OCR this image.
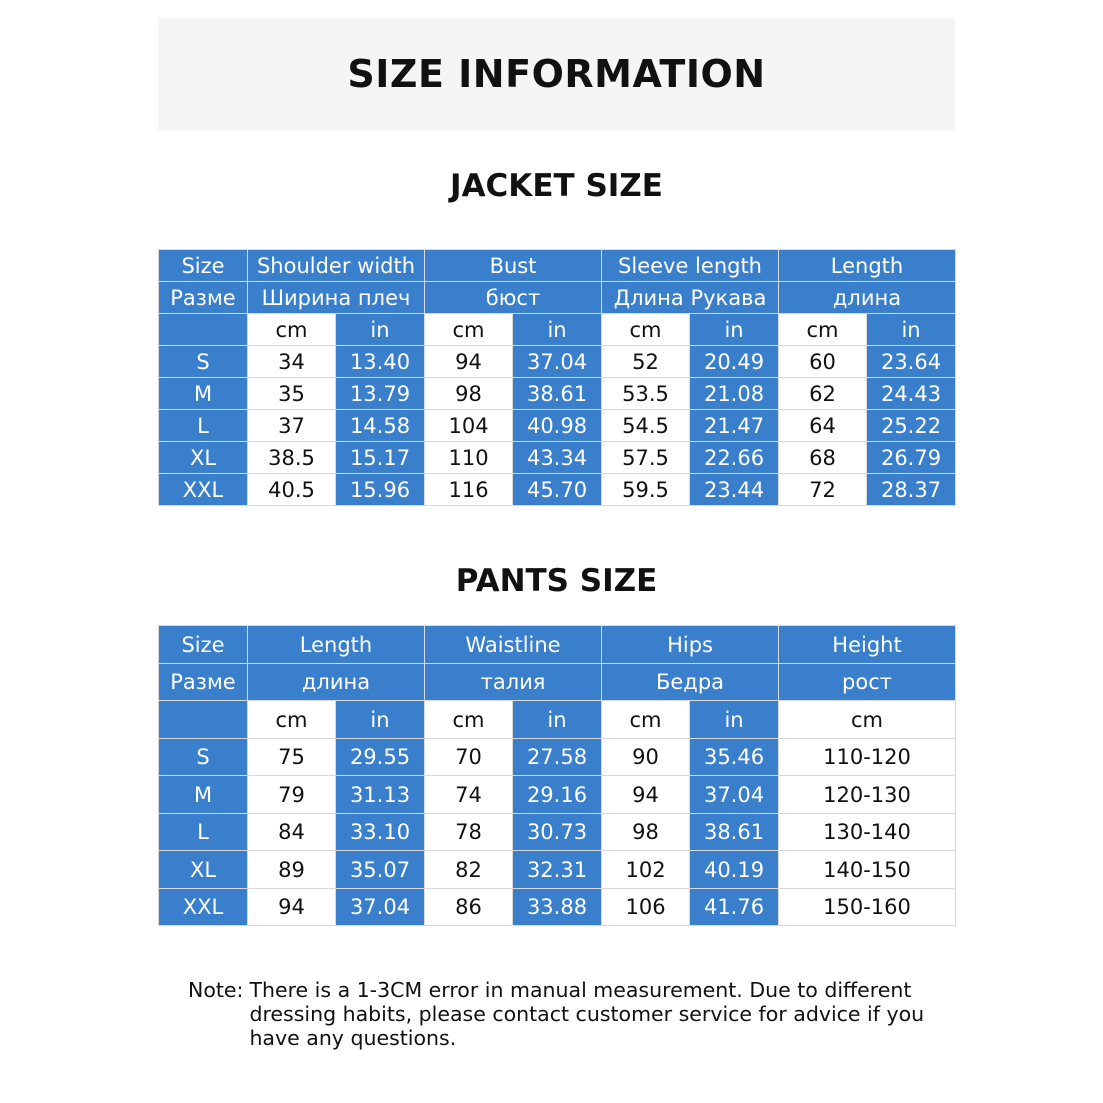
SIZE INFORMATION
JACKET SIZE
Size	Shoulder width		Bust		Sleeve length		Length	
Разме	Ширина плеч		бюст		Длина Рукава		длина	
	cm	in	cm	in	cm	in	cm	in
S	34	13.40	94	37.04	52	20.49	60	23.64
M	35	13.79	98	38.61	53.5	21.08	62	24.43
L	37	14.58	104	40.98	54.5	21.47	64	25.22
XL	38.5	15.17	110	43.34	57.5	22.66	68	26.79
XXL	40.5	15.96	116	45.70	59.5	23.44	72	28.37
PANTS SIZE
Size	Length		Waistline		Hips		Height
Разме	длина		талия		Бедра		рост
	cm	in	cm	in	cm	in	cm
S	75	29.55	70	27.58	90	35.46	110-120
M	79	31.13	74	29.16	94	37.04	120-130
L	84	33.10	78	30.73	98	38.61	130-140
XL	89	35.07	82	32.31	102	40.19	140-150
XXL	94	37.04	86	33.88	106	41.76	150-160
Note: There is a 1-3CM error in manual measurement. Due to different dressing habits, please contact customer service for advice if you have any questions.
